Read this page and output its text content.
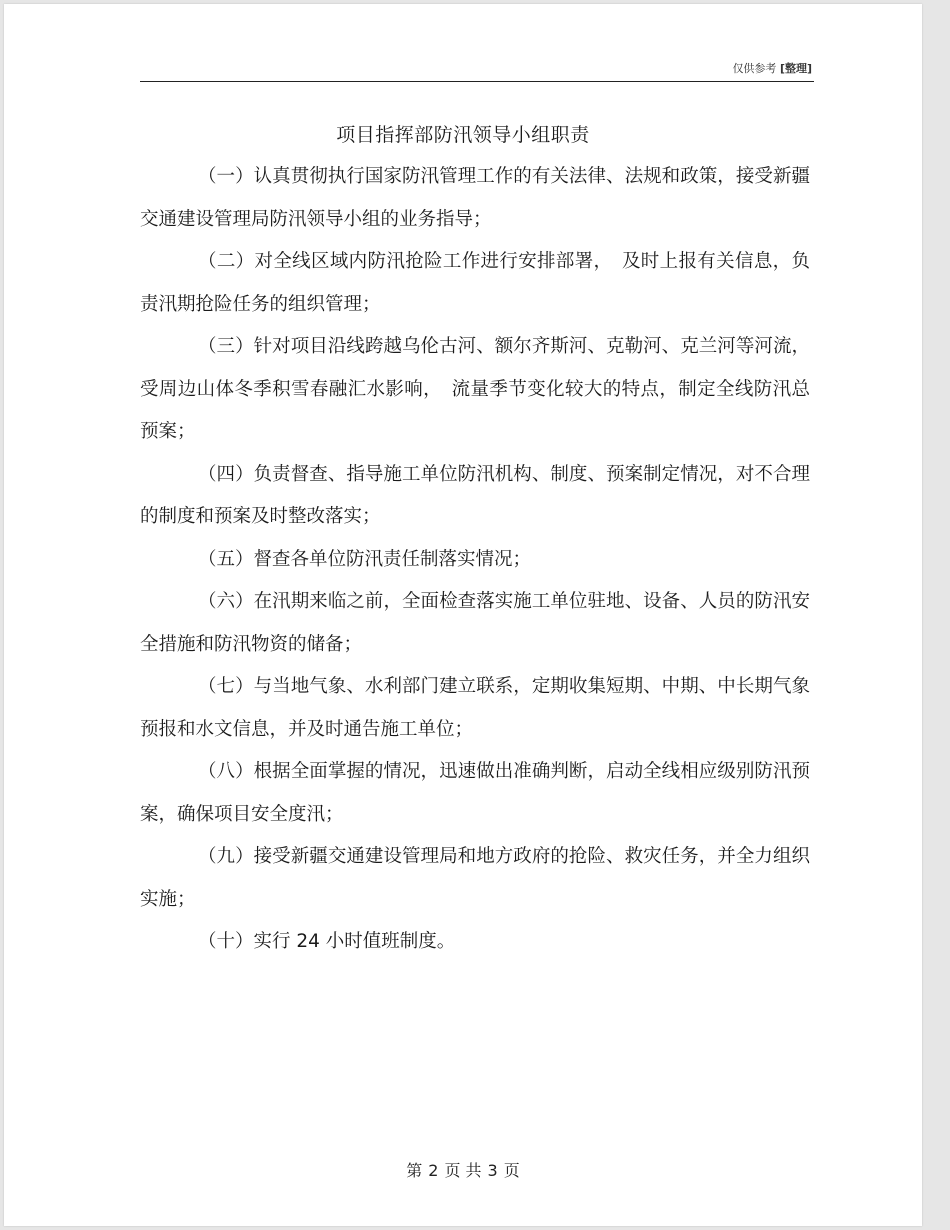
仅供参考 [整理]
项目指挥部防汛领导小组职责

（一）认真贯彻执行国家防汛管理工作的有关法律、法规和政策，接受新疆交通建设管理局防汛领导小组的业务指导；

（二）对全线区域内防汛抢险工作进行安排部署，　及时上报有关信息，负责汛期抢险任务的组织管理；

（三）针对项目沿线跨越乌伦古河、额尔齐斯河、克勒河、克兰河等河流，受周边山体冬季积雪春融汇水影响，　流量季节变化较大的特点，制定全线防汛总预案；

（四）负责督查、指导施工单位防汛机构、制度、预案制定情况，对不合理的制度和预案及时整改落实；

（五）督查各单位防汛责任制落实情况；

（六）在汛期来临之前，全面检查落实施工单位驻地、设备、人员的防汛安全措施和防汛物资的储备；

（七）与当地气象、水利部门建立联系，定期收集短期、中期、中长期气象预报和水文信息，并及时通告施工单位；

（八）根据全面掌握的情况，迅速做出准确判断，启动全线相应级别防汛预案，确保项目安全度汛；

（九）接受新疆交通建设管理局和地方政府的抢险、救灾任务，并全力组织实施；

（十）实行 24 小时值班制度。

第 2 页 共 3 页
